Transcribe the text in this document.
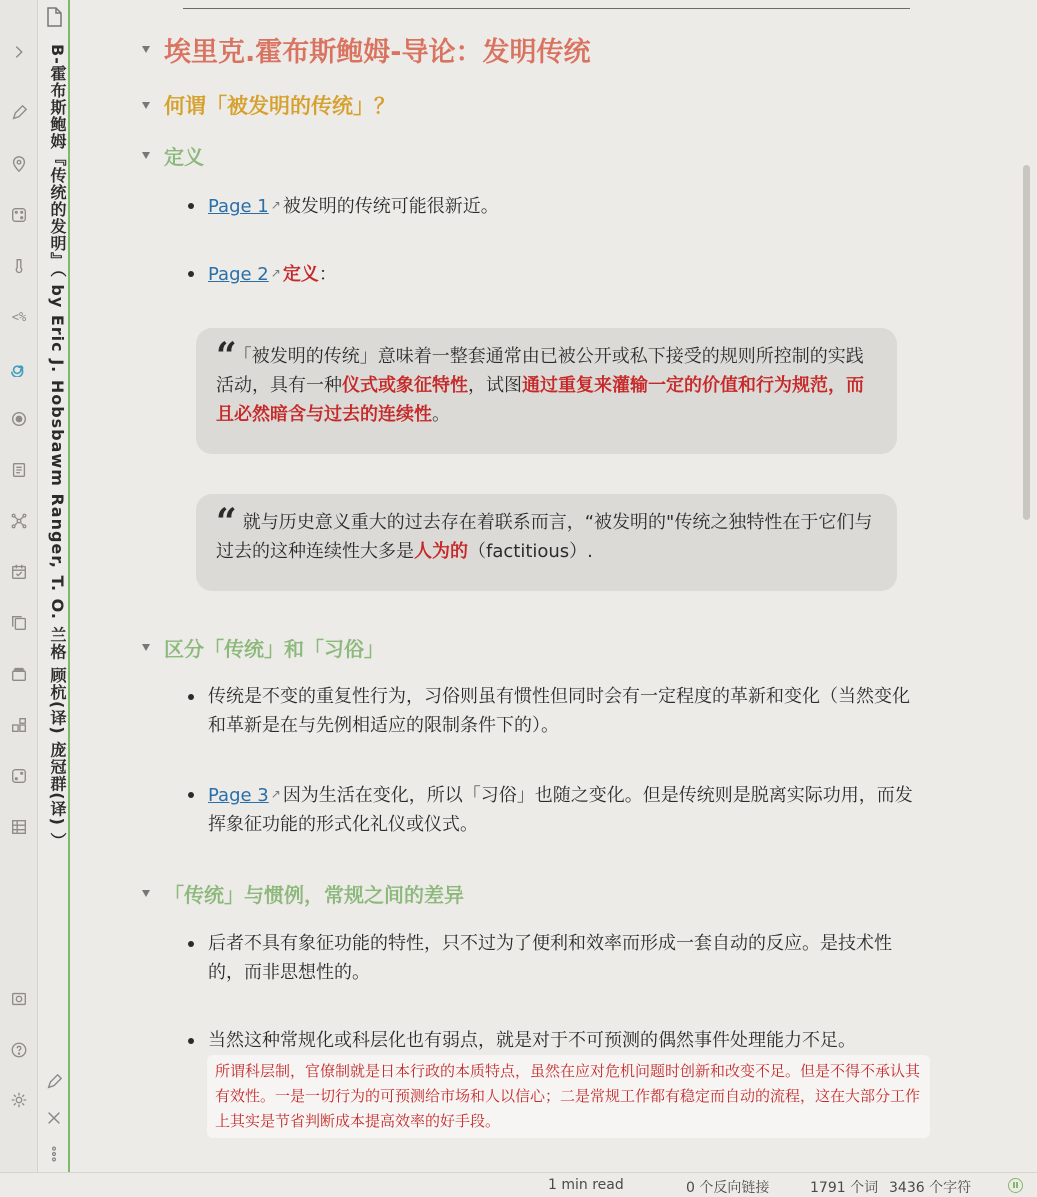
<% B-霍布斯鲍姆『传统的发明』（ by Eric J. Hobsbawm Ranger, T. O. 兰格 顾杭(译) 庞冠群(译) ）	埃里克.霍布斯鲍姆-导论：发明传统
何谓「被发明的传统」？
定义
Page 1 ↗ 被发明的传统可能很新近。
Page 2 ↗ 定义：
“ 「被发明的传统」意味着一整套通常由已被公开或私下接受的规则所控制的实践活动，具有一种仪式或象征特性，试图通过重复来灌输一定的价值和行为规范，而且必然暗含与过去的连续性。
“ 就与历史意义重大的过去存在着联系而言，“被发明的"传统之独特性在于它们与过去的这种连续性大多是人为的（factitious）.
区分「传统」和「习俗」
传统是不变的重复性行为，习俗则虽有惯性但同时会有一定程度的革新和变化（当然变化和革新是在与先例相适应的限制条件下的）。
Page 3 ↗ 因为生活在变化，所以「习俗」也随之变化。但是传统则是脱离实际功用，而发挥象征功能的形式化礼仪或仪式。
「传统」与惯例，常规之间的差异
后者不具有象征功能的特性，只不过为了便利和效率而形成一套自动的反应。是技术性的，而非思想性的。
当然这种常规化或科层化也有弱点，就是对于不可预测的偶然事件处理能力不足。
所谓科层制，官僚制就是日本行政的本质特点，虽然在应对危机问题时创新和改变不足。但是不得不承认其有效性。一是一切行为的可预测给市场和人以信心；二是常规工作都有稳定而自动的流程，这在大部分工作上其实是节省判断成本提高效率的好手段。
1 min read	0 个反向链接	1791 个词 3436 个字符
